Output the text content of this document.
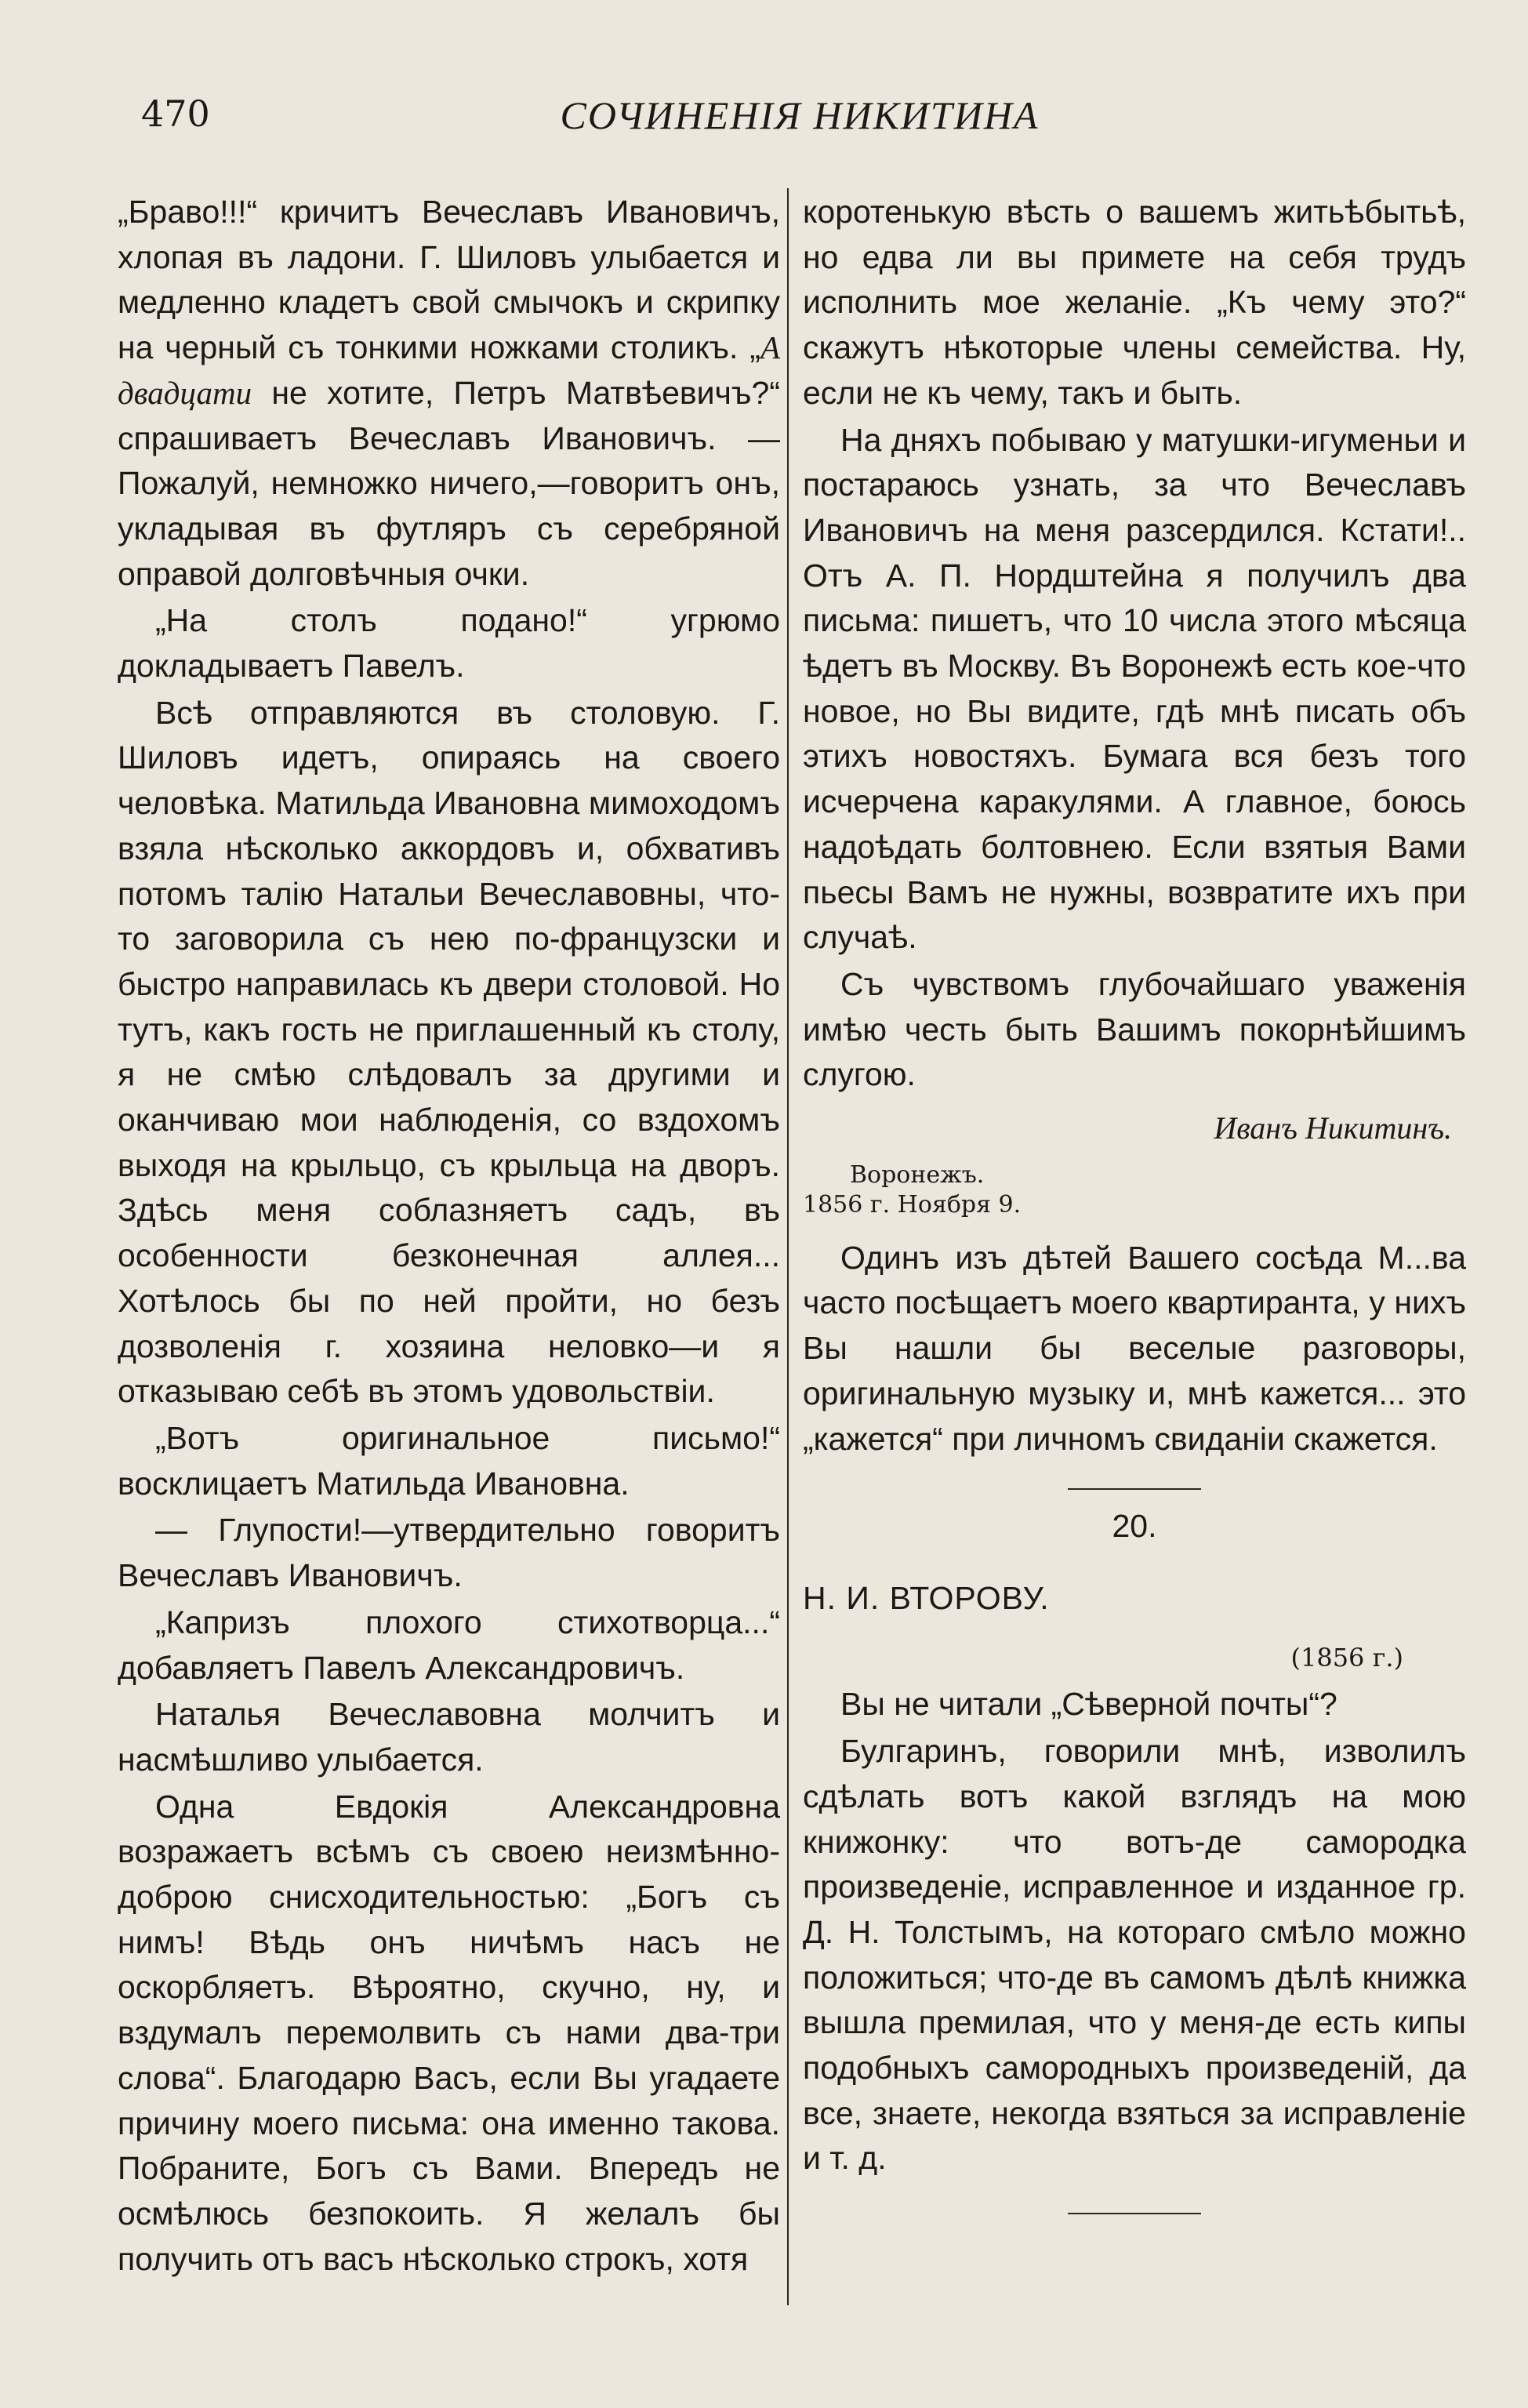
470	СОЧИНЕНІЯ НИКИТИНА

„Браво!!!“ кричитъ Вечеславъ Ивановичъ, хлопая въ ладони. Г. Шиловъ улыбается и медленно кладетъ свой смычокъ и скрипку на черный съ тонкими ножками столикъ. „А двадцати не хотите, Петръ Матвѣевичъ?“ спрашиваетъ Вечеславъ Ивановичъ. — Пожалуй, немножко ничего,—говоритъ онъ, укладывая въ футляръ съ серебряной оправой долговѣчныя очки.

„На столъ подано!“ угрюмо докладываетъ Павелъ.

Всѣ отправляются въ столовую. Г. Шиловъ идетъ, опираясь на своего человѣка. Матильда Ивановна мимоходомъ взяла нѣсколько аккордовъ и, обхвативъ потомъ талію Натальи Вечеславовны, что-то заговорила съ нею по-французски и быстро направилась къ двери столовой. Но тутъ, какъ гость не приглашенный къ столу, я не смѣю слѣдовалъ за другими и оканчиваю мои наблюденія, со вздохомъ выходя на крыльцо, съ крыльца на дворъ. Здѣсь меня соблазняетъ садъ, въ особенности безконечная аллея... Хотѣлось бы по ней пройти, но безъ дозволенія г. хозяина неловко—и я отказываю себѣ въ этомъ удовольствіи.

„Вотъ оригинальное письмо!“ восклицаетъ Матильда Ивановна.

— Глупости!—утвердительно говоритъ Вечеславъ Ивановичъ.

„Капризъ плохого стихотворца...“ добавляетъ Павелъ Александровичъ.

Наталья Вечеславовна молчитъ и насмѣшливо улыбается.

Одна Евдокія Александровна возражаетъ всѣмъ съ своею неизмѣнно-доброю снисходительностью: „Богъ съ нимъ! Вѣдь онъ ничѣмъ насъ не оскорбляетъ. Вѣроятно, скучно, ну, и вздумалъ перемолвить съ нами два-три слова“. Благодарю Васъ, если Вы угадаете причину моего письма: она именно такова. Побраните, Богъ съ Вами. Впередъ не осмѣлюсь безпокоить. Я желалъ бы получить отъ васъ нѣсколько строкъ, хотя

коротенькую вѣсть о вашемъ житьѣбытьѣ, но едва ли вы примете на себя трудъ исполнить мое желаніе. „Къ чему это?“ скажутъ нѣкоторые члены семейства. Ну, если не къ чему, такъ и быть.

На дняхъ побываю у матушки-игуменьи и постараюсь узнать, за что Вечеславъ Ивановичъ на меня разсердился. Кстати!.. Отъ А. П. Нордштейна я получилъ два письма: пишетъ, что 10 числа этого мѣсяца ѣдетъ въ Москву. Въ Воронежѣ есть кое-что новое, но Вы видите, гдѣ мнѣ писать объ этихъ новостяхъ. Бумага вся безъ того исчерчена каракулями. А главное, боюсь надоѣдать болтовнею. Если взятыя Вами пьесы Вамъ не нужны, возвратите ихъ при случаѣ.

Съ чувствомъ глубочайшаго уваженія имѣю честь быть Вашимъ покорнѣйшимъ слугою.

Иванъ Никитинъ.

Воронежъ.
1856 г. Ноября 9.

Одинъ изъ дѣтей Вашего сосѣда М...ва часто посѣщаетъ моего квартиранта, у нихъ Вы нашли бы веселые разговоры, оригинальную музыку и, мнѣ кажется... это „кажется“ при личномъ свиданіи скажется.

20.

Н. И. ВТОРОВУ.

(1856 г.)

Вы не читали „Сѣверной почты“?

Булгаринъ, говорили мнѣ, изволилъ сдѣлать вотъ какой взглядъ на мою книжонку: что вотъ-де самородка произведеніе, исправленное и изданное гр. Д. Н. Толстымъ, на котораго смѣло можно положиться; что-де въ самомъ дѣлѣ книжка вышла премилая, что у меня-де есть кипы подобныхъ самородныхъ произведеній, да все, знаете, некогда взяться за исправленіе и т. д.
